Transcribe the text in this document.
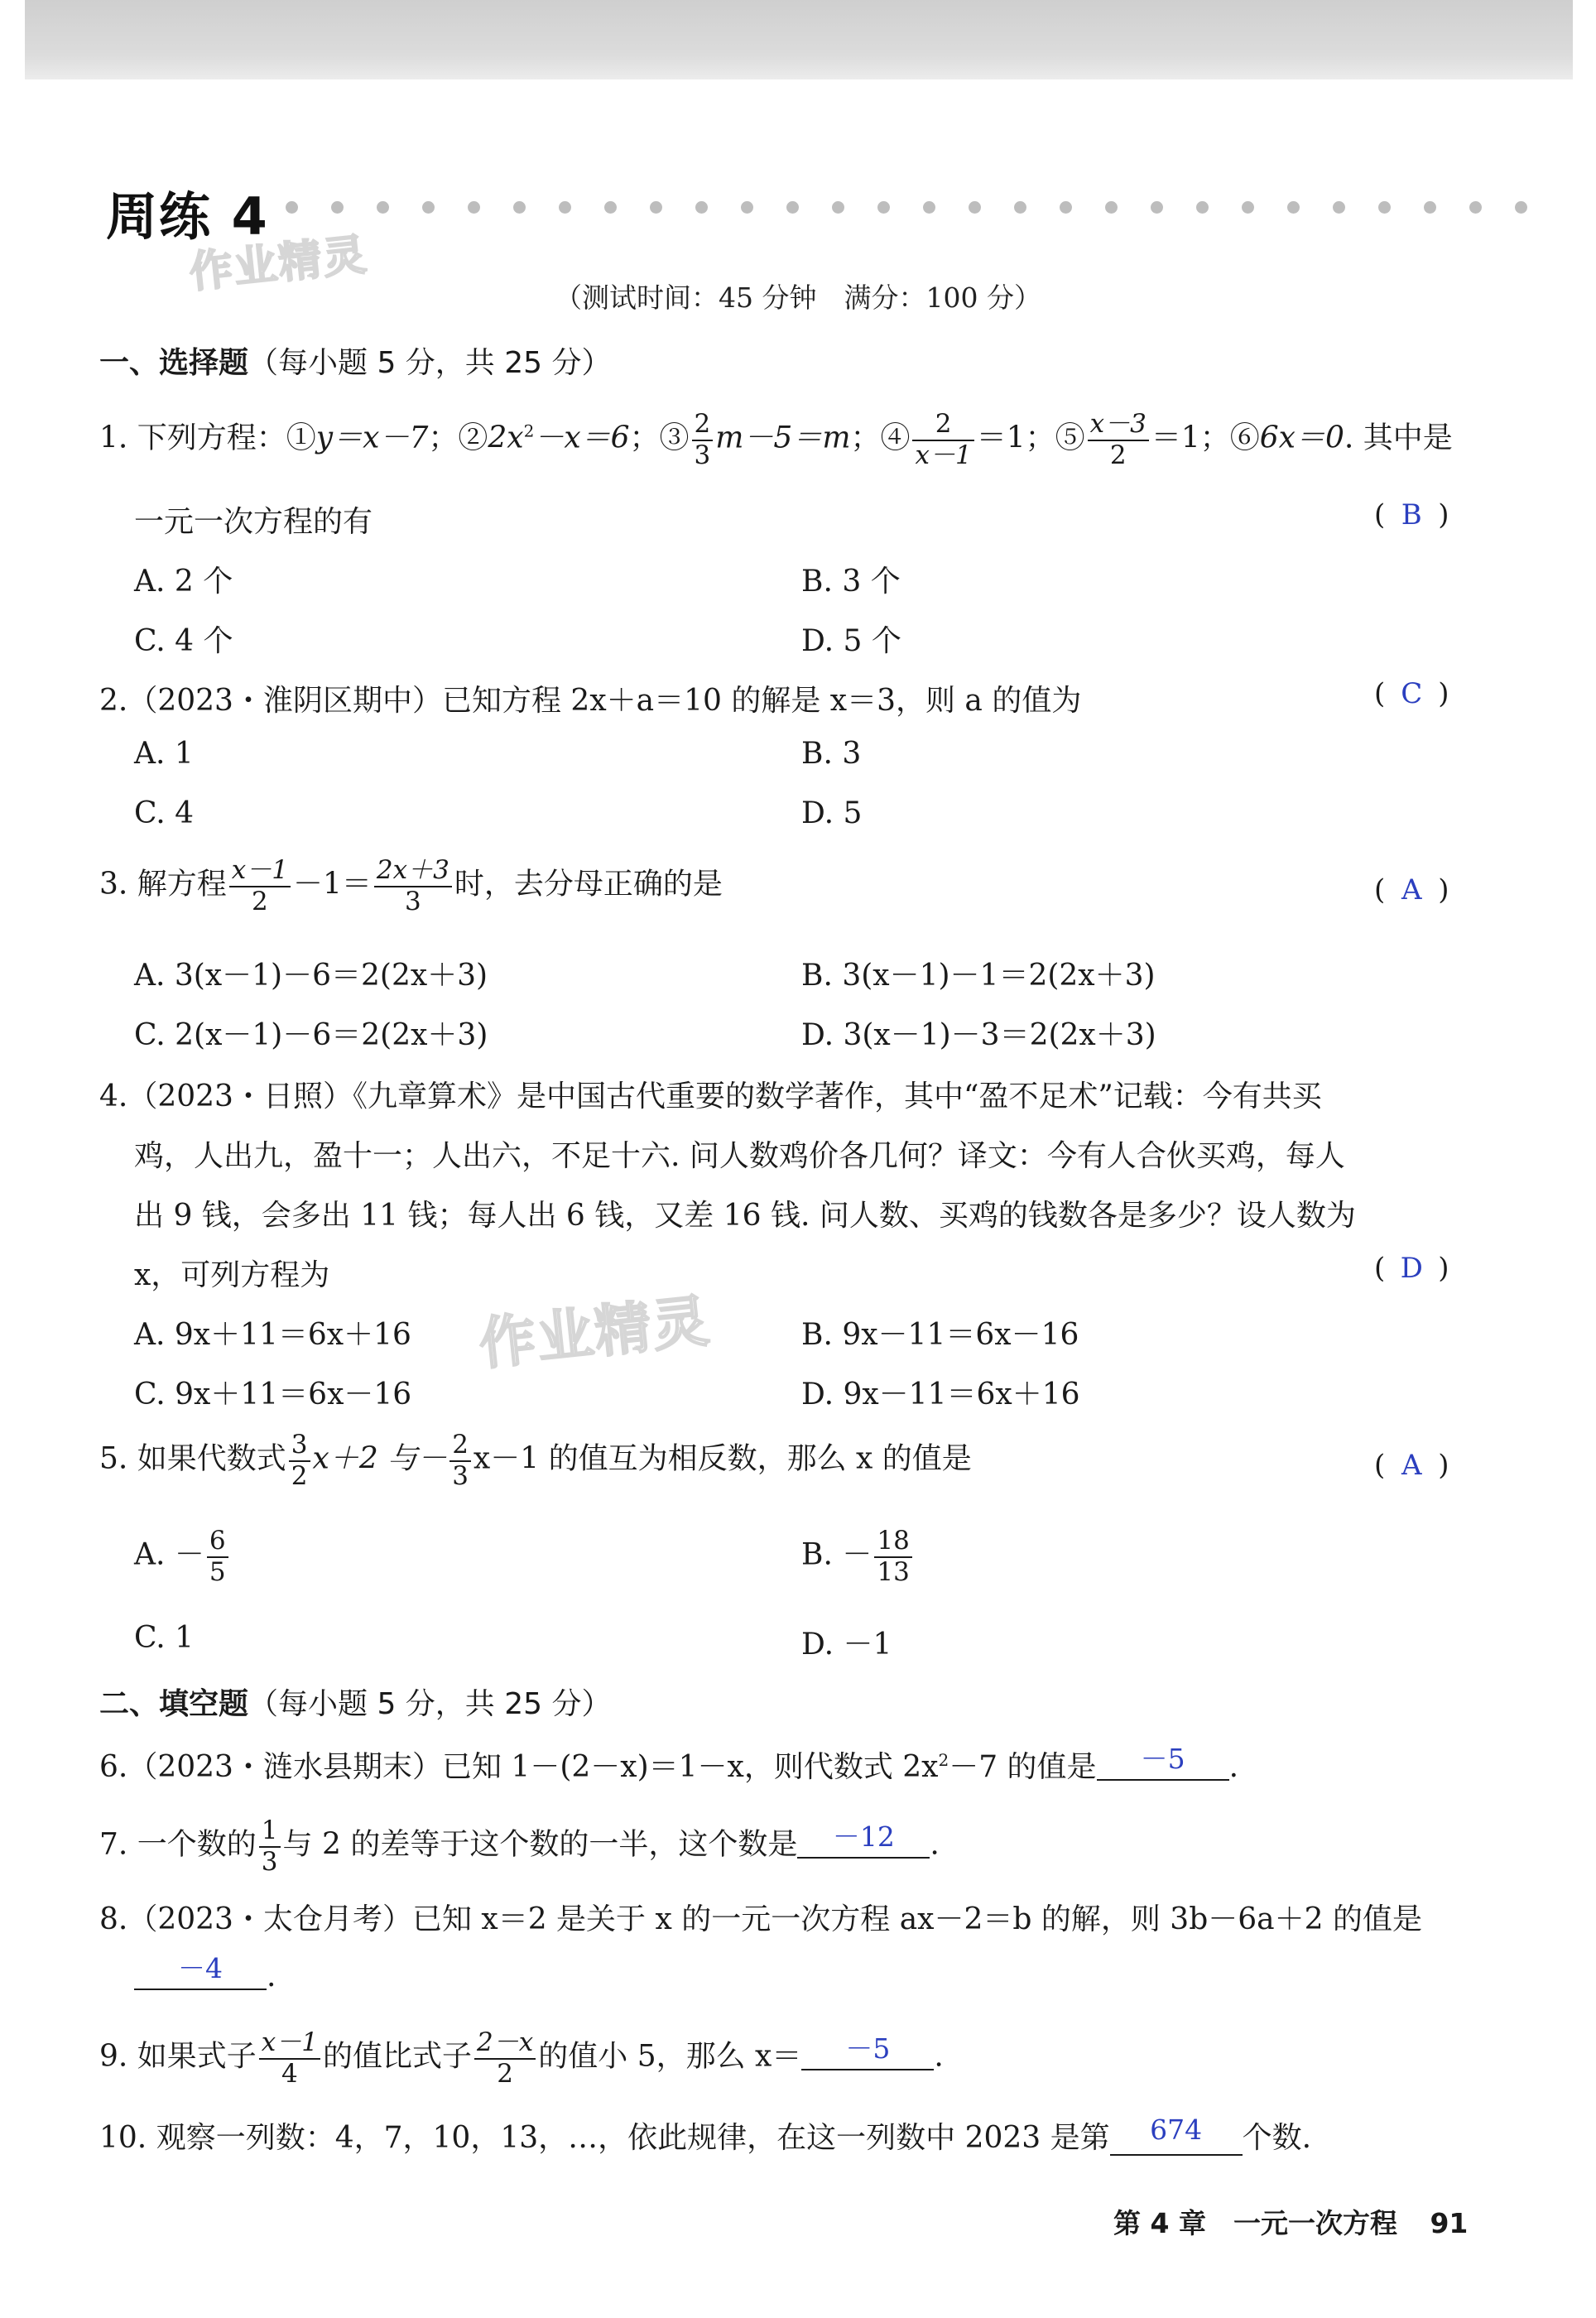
周练 4
作业精灵	（测试时间：45 分钟　满分：100 分）
一、选择题（每小题 5 分，共 25 分）
1. 下列方程：①y＝x－7；$②2x^2-x=6$；③ $\frac{2}{3} m-5=m$；④ $\frac{2}{x-1} =1$；⑤ $\frac{x-3}{2} =1$；⑥6x＝0. 其中是
一元一次方程的有	( B )
A. 2 个	B. 3 个
C. 4 个	D. 5 个
2.（2023・淮阴区期中）已知方程 2x＋a＝10 的解是 x＝3，则 a 的值为	( C )
A. 1	B. 3
C. 4	D. 5
3. 解方程 $\frac{x-1}{2} -1= \frac{2x+3}{3}$ 时，去分母正确的是	( A )
A. 3(x－1)－6＝2(2x＋3)	B. 3(x－1)－1＝2(2x＋3)
C. 2(x－1)－6＝2(2x＋3)	D. 3(x－1)－3＝2(2x＋3)
4.（2023・日照）《九章算术》是中国古代重要的数学著作，其中“盈不足术”记载：今有共买
鸡，人出九，盈十一；人出六，不足十六. 问人数鸡价各几何？译文：今有人合伙买鸡，每人
出 9 钱，会多出 11 钱；每人出 6 钱，又差 16 钱. 问人数、买鸡的钱数各是多少？设人数为
x，可列方程为	( D )
A. 9x＋11＝6x＋16 作业精灵	B. 9x－11＝6x－16
C. 9x＋11＝6x－16	D. 9x－11＝6x＋16
5. 如果代数式 $\frac{3}{2} x+2$ 与－ $\frac{2}{3} x-1$ 的值互为相反数，那么 x 的值是	( A )
A. － $\frac{6}{5}$	B. － $\frac{18}{13}$
C. 1	D. －1
二、填空题（每小题 5 分，共 25 分）
6.（2023・涟水县期末）已知 1－(2－x)＝1－x，则代数式 $2x^2-7$ 的值是 －5 .
7. 一个数的 $\frac{1}{3}$ 与 2 的差等于这个数的一半，这个数是 －12 .
8.（2023・太仓月考）已知 x＝2 是关于 x 的一元一次方程 ax－2＝b 的解，则 3b－6a＋2 的值是
－4 .
9. 如果式子 $\frac{x-1}{4}$ 的值比式子 $\frac{2-x}{2}$ 的值小 5，那么 x＝ －5 .
10. 观察一列数：4，7，10，13，…，依此规律，在这一列数中 2023 是第 674 个数.
第 4 章　一元一次方程 91
